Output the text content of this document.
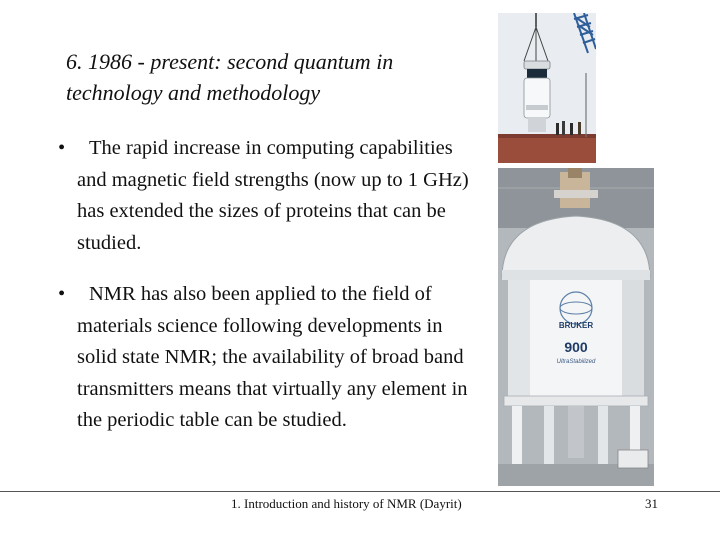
6. 1986 - present: second quantum in
technology and methodology
•	The rapid increase in computing capabilities and magnetic field strengths (now up to 1 GHz) has extended the sizes of proteins that can be studied.
•	NMR has also been applied to the field of materials science following developments in solid state NMR; the availability of broad band transmitters means that virtually any element in the periodic table can be studied.
BRUKER
900
UltraStabilized
1. Introduction and history of NMR (Dayrit)	31
